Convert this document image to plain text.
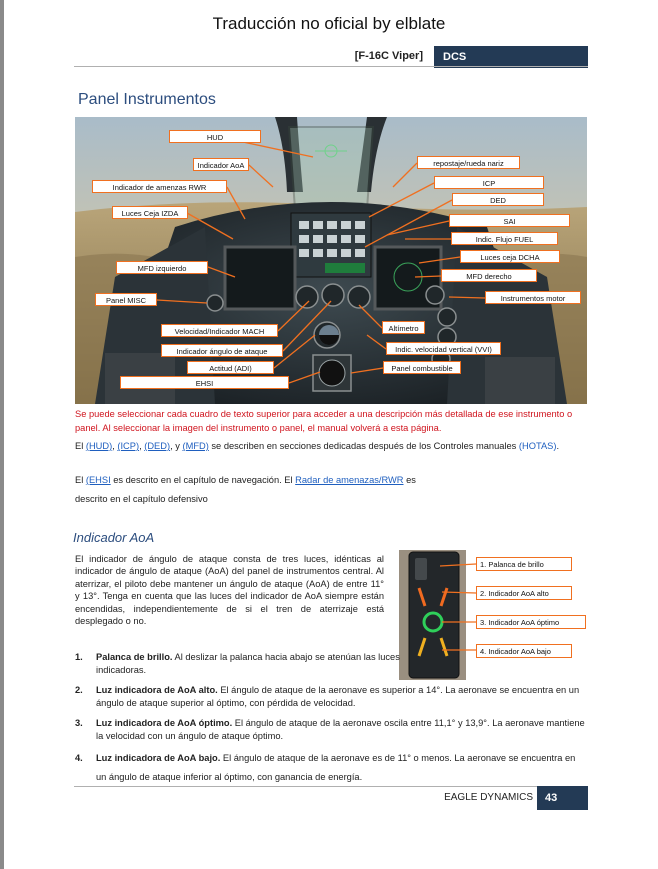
Traducción no oficial by elblate
[F-16C Viper]	DCS
Panel Instrumentos
HUD
Indicador AoA
Indicador de amenzas RWR
Luces Ceja IZDA
MFD izquierdo
Panel MISC
Velocidad/Indicador MACH
Indicador ángulo de ataque
Actitud (ADI)
EHSI
repostaje/rueda nariz
ICP
DED
SAI
Indic. Flujo FUEL
Luces ceja DCHA
MFD derecho
Instrumentos motor
Altímetro
Indic. velocidad vertical (VVI)
Panel combustible
Se puede seleccionar cada cuadro de texto superior para acceder a una descripción más detallada de ese instrumento o panel. Al seleccionar la imagen del instrumento o panel, el manual volverá a esta página.
El (HUD), (ICP), (DED), y (MFD) se describen en secciones dedicadas después de los Controles manuales (HOTAS).
El (EHSI es descrito en el capítulo de navegación. El Radar de amenazas/RWR es
descrito en el capítulo defensivo
Indicador AoA
El indicador de ángulo de ataque consta de tres luces, idénticas al indicador de ángulo de ataque (AoA) del panel de instrumentos central. Al aterrizar, el piloto debe mantener un ángulo de ataque (AoA) de entre 11° y 13°. Tenga en cuenta que las luces del indicador de AoA siempre están encendidas, independientemente de si el tren de aterrizaje está desplegado o no.
1. Palanca de brillo
2. Indicador AoA alto
3. Indicador AoA óptimo
4. Indicador AoA bajo
1. Palanca de brillo. Al deslizar la palanca hacia abajo se atenúan las luces indicadoras.
2. Luz indicadora de AoA alto. El ángulo de ataque de la aeronave es superior a 14°. La aeronave se encuentra en un ángulo de ataque superior al óptimo, con pérdida de velocidad.
3. Luz indicadora de AoA óptimo. El ángulo de ataque de la aeronave oscila entre 11,1° y 13,9°. La aeronave mantiene la velocidad con un ángulo de ataque óptimo.
4. Luz indicadora de AoA bajo. El ángulo de ataque de la aeronave es de 11° o menos. La aeronave se encuentra en un ángulo de ataque inferior al óptimo, con ganancia de energía.
EAGLE DYNAMICS	43
